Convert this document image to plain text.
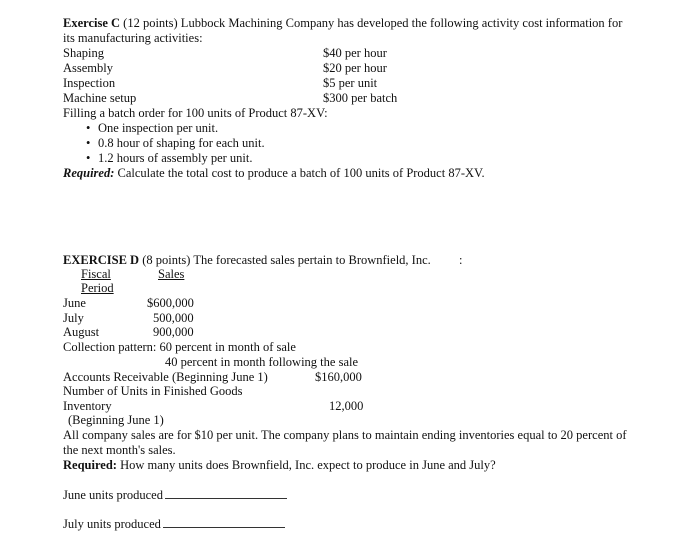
Exercise C (12 points) Lubbock Machining Company has developed the following activity cost information for
its manufacturing activities:
Shaping	$40 per hour
Assembly	$20 per hour
Inspection	$5 per unit
Machine setup	$300 per batch
Filling a batch order for 100 units of Product 87-XV:
• One inspection per unit.
• 0.8 hour of shaping for each unit.
• 1.2 hours of assembly per unit.
Required: Calculate the total cost to produce a batch of 100 units of Product 87-XV.
EXERCISE D (8 points) The forecasted sales pertain to Brownfield, Inc. :
Fiscal	Sales
Period
June	$600,000
July	500,000
August	900,000
Collection pattern: 60 percent in month of sale
40 percent in month following the sale
Accounts Receivable (Beginning June 1)	$160,000
Number of Units in Finished Goods
Inventory	12,000
(Beginning June 1)
All company sales are for $10 per unit. The company plans to maintain ending inventories equal to 20 percent of
the next month's sales.
Required: How many units does Brownfield, Inc. expect to produce in June and July?
June units produced
July units produced
